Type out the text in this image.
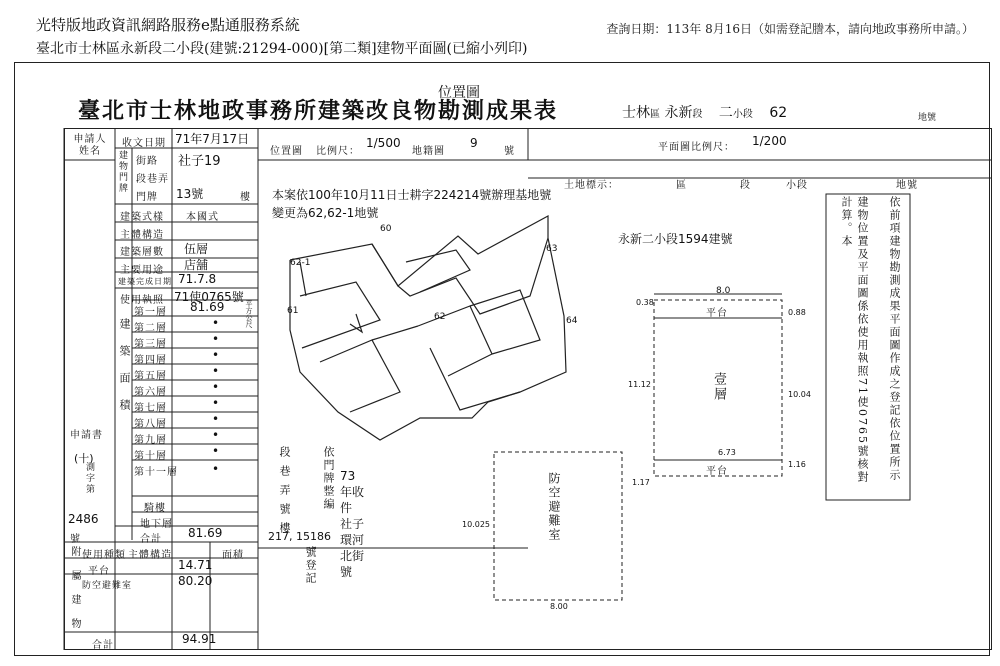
光特版地政資訊網路服務e點通服務系統
臺北市士林區永新段二小段(建號:21294-000)[第二類]建物平面圖(已縮小列印)
查詢日期：113年 8月16日（如需登記謄本，請向地政事務所申請。）
臺北市士林地政事務所建築改良物勘測成果表
位置圖
士林區 永新段 二小段 62	地號
申請人姓名
收文日期 71年7月17日
建物門牌 街路 社子19
段巷弄
門牌 13號	樓
建築式樣 本國式
主體構造
建築層數 伍層
主要用途 店舖
建築完成日期 71.7.8
使用執照 71使0765號
建築面積
第一層 81.69
第二層	•
第三層	•
第四層	•
第五層	•
第六層	•
第七層	•
第八層	•
第九層	•
第十層	•
第十一層	•
平方公尺
騎樓
地下層
合計 81.69
申請書
(十)
測字第
2486
號
附屬建物 使用種類 主體構造	面積
平台	14.71
防空避難室	80.20
合計	94.91
位置圖 比例尺：
1/500
地籍圖
9
號	平面圖比例尺： 1/200
土地標示：	區	段	小段	地號
本案依100年10月11日士耕字224214號辦理基地號變更為62,62-1地號
永新二小段1594建號
62-1
61
62
63
64
60
8.0
0.38
0.88
11.12
10.04
6.73
1.17
1.16
平台
壹層
平台
防空避難室
10.025
8.00
依門牌整編 73年收件 社子環河北街號
217, 15186
段巷弄號樓
號登記
依前項建物勘測成果平面圖作成之登記依位置所示
建物位置及平面圖係依使用執照71使0765號核對計算。本
